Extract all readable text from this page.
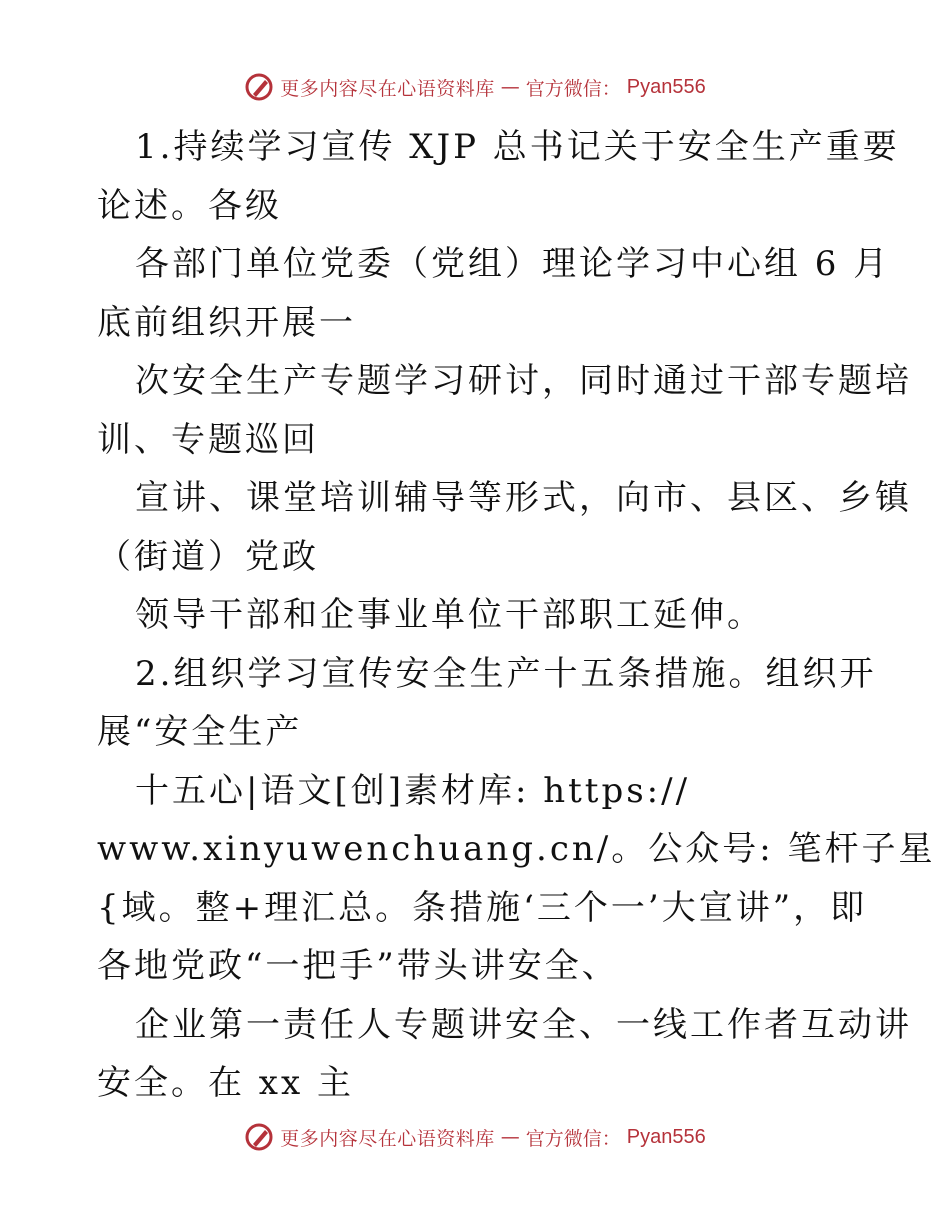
更多内容尽在心语资料库 — 官方微信： Pyan556
1.持续学习宣传 XJP 总书记关于安全生产重要
论述。各级
各部门单位党委（党组）理论学习中心组 6 月
底前组织开展一
次安全生产专题学习研讨，同时通过干部专题培
训、专题巡回
宣讲、课堂培训辅导等形式，向市、县区、乡镇
（街道）党政
领导干部和企事业单位干部职工延伸。
2.组织学习宣传安全生产十五条措施。组织开
展“安全生产
十五心|语文[创]素材库: https://
www.xinyuwenchuang.cn/。公众号: 笔杆子星
{域。整+理汇总。条措施‘三个一’大宣讲”，即
各地党政“一把手”带头讲安全、
企业第一责任人专题讲安全、一线工作者互动讲
安全。在 xx 主
更多内容尽在心语资料库 — 官方微信： Pyan556
